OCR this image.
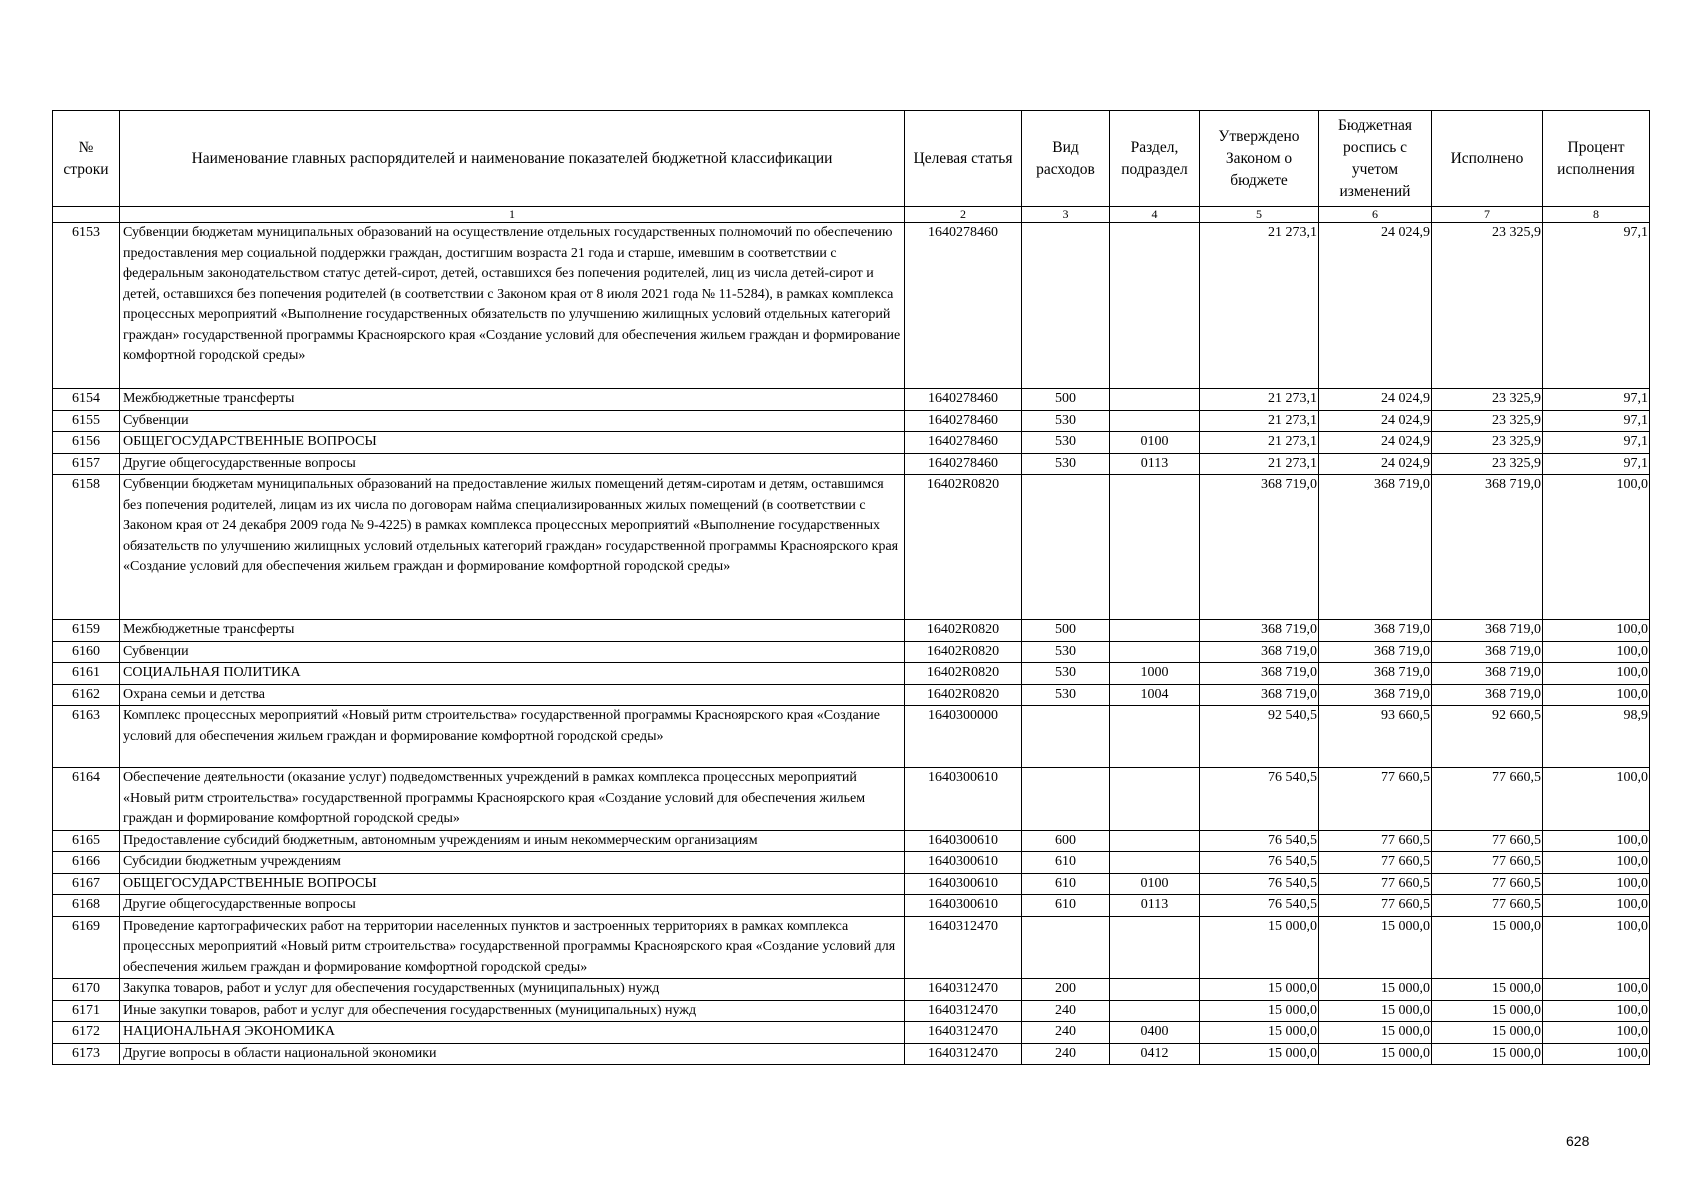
№ строки	Наименование главных распорядителей и наименование показателей бюджетной классификации	Целевая статья	Вид расходов	Раздел, подраздел	Утверждено Законом о бюджете	Бюджетная роспись с учетом изменений	Исполнено	Процент исполнения
	1	2	3	4	5	6	7	8
6153	Субвенции бюджетам муниципальных образований на осуществление отдельных государственных полномочий по обеспечению предоставления мер социальной поддержки граждан, достигшим возраста 21 года и старше, имевшим в соответствии с федеральным законодательством статус детей-сирот, детей, оставшихся без попечения родителей, лиц из числа детей-сирот и детей, оставшихся без попечения родителей (в соответствии с Законом края от 8 июля 2021 года № 11-5284), в рамках комплекса процессных мероприятий «Выполнение государственных обязательств по улучшению жилищных условий отдельных категорий граждан» государственной программы Красноярского края «Создание условий для обеспечения жильем граждан и формирование комфортной городской среды»	1640278460			21 273,1	24 024,9	23 325,9	97,1
6154	Межбюджетные трансферты	1640278460	500		21 273,1	24 024,9	23 325,9	97,1
6155	Субвенции	1640278460	530		21 273,1	24 024,9	23 325,9	97,1
6156	ОБЩЕГОСУДАРСТВЕННЫЕ ВОПРОСЫ	1640278460	530	0100	21 273,1	24 024,9	23 325,9	97,1
6157	Другие общегосударственные вопросы	1640278460	530	0113	21 273,1	24 024,9	23 325,9	97,1
6158	Субвенции бюджетам муниципальных образований на предоставление жилых помещений детям-сиротам и детям, оставшимся без попечения родителей, лицам из их числа по договорам найма специализированных жилых помещений (в соответствии с Законом края от 24 декабря 2009 года № 9-4225) в рамках комплекса процессных мероприятий «Выполнение государственных обязательств по улучшению жилищных условий отдельных категорий граждан» государственной программы Красноярского края «Создание условий для обеспечения жильем граждан и формирование комфортной городской среды»	16402R0820			368 719,0	368 719,0	368 719,0	100,0
6159	Межбюджетные трансферты	16402R0820	500		368 719,0	368 719,0	368 719,0	100,0
6160	Субвенции	16402R0820	530		368 719,0	368 719,0	368 719,0	100,0
6161	СОЦИАЛЬНАЯ ПОЛИТИКА	16402R0820	530	1000	368 719,0	368 719,0	368 719,0	100,0
6162	Охрана семьи и детства	16402R0820	530	1004	368 719,0	368 719,0	368 719,0	100,0
6163	Комплекс процессных мероприятий «Новый ритм строительства» государственной программы Красноярского края «Создание условий для обеспечения жильем граждан и формирование комфортной городской среды»	1640300000			92 540,5	93 660,5	92 660,5	98,9
6164	Обеспечение деятельности (оказание услуг) подведомственных учреждений в рамках комплекса процессных мероприятий «Новый ритм строительства» государственной программы Красноярского края «Создание условий для обеспечения жильем граждан и формирование комфортной городской среды»	1640300610			76 540,5	77 660,5	77 660,5	100,0
6165	Предоставление субсидий бюджетным, автономным учреждениям и иным некоммерческим организациям	1640300610	600		76 540,5	77 660,5	77 660,5	100,0
6166	Субсидии бюджетным учреждениям	1640300610	610		76 540,5	77 660,5	77 660,5	100,0
6167	ОБЩЕГОСУДАРСТВЕННЫЕ ВОПРОСЫ	1640300610	610	0100	76 540,5	77 660,5	77 660,5	100,0
6168	Другие общегосударственные вопросы	1640300610	610	0113	76 540,5	77 660,5	77 660,5	100,0
6169	Проведение картографических работ на территории населенных пунктов и застроенных территориях в рамках комплекса процессных мероприятий «Новый ритм строительства» государственной программы Красноярского края «Создание условий для обеспечения жильем граждан и формирование комфортной городской среды»	1640312470			15 000,0	15 000,0	15 000,0	100,0
6170	Закупка товаров, работ и услуг для обеспечения государственных (муниципальных) нужд	1640312470	200		15 000,0	15 000,0	15 000,0	100,0
6171	Иные закупки товаров, работ и услуг для обеспечения государственных (муниципальных) нужд	1640312470	240		15 000,0	15 000,0	15 000,0	100,0
6172	НАЦИОНАЛЬНАЯ ЭКОНОМИКА	1640312470	240	0400	15 000,0	15 000,0	15 000,0	100,0
6173	Другие вопросы в области национальной экономики	1640312470	240	0412	15 000,0	15 000,0	15 000,0	100,0
628
